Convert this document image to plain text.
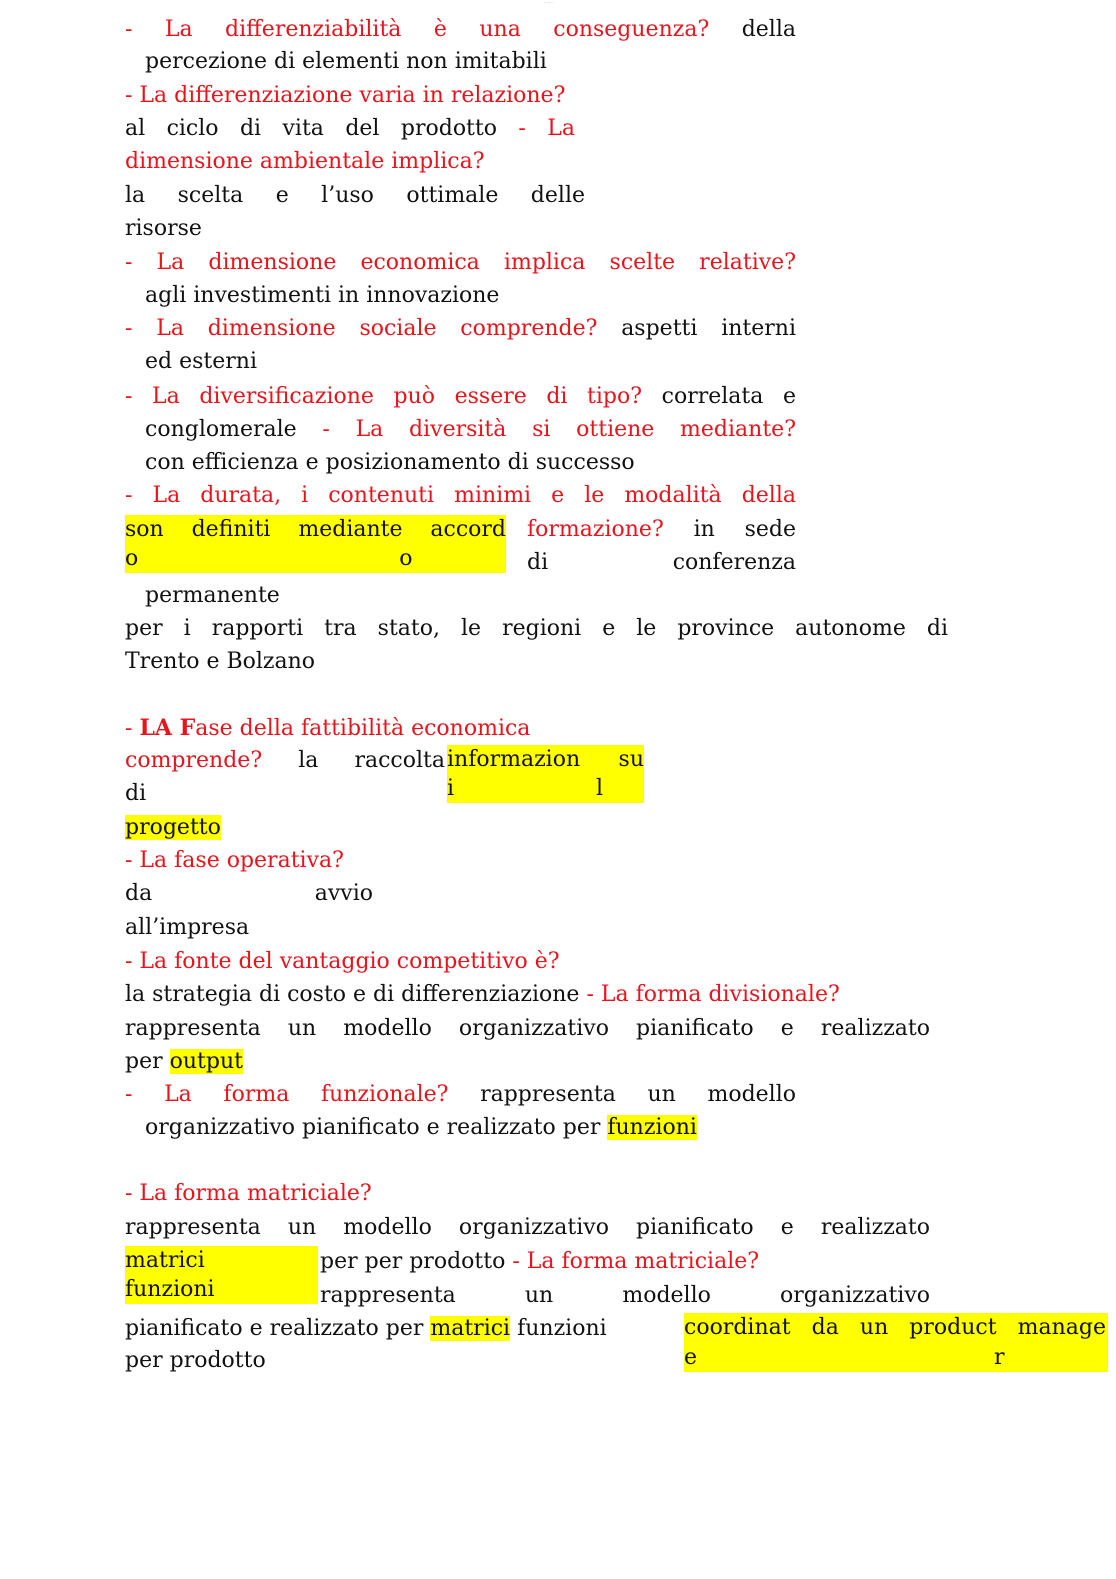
·······
- La differenziabilità è una conseguenza? della
percezione di elementi non imitabili
- La differenziazione varia in relazione?
al ciclo di vita del prodotto - La
dimensione ambientale implica?
la scelta e l’uso ottimale delle
risorse
- La dimensione economica implica scelte relative?
agli investimenti in innovazione
- La dimensione sociale comprende? aspetti interni
ed esterni
- La diversificazione può essere di tipo? correlata e
conglomerale - La diversità si ottiene mediante?
con efficienza e posizionamento di successo
- La durata, i contenuti minimi e le modalità della
son definiti mediante accord
o o
formazione? in sede
di conferenza
permanente
per i rapporti tra stato, le regioni e le province autonome di
Trento e Bolzano
- LA Fase della fattibilità economica
comprende? la raccolta informazion su
i l
di
progetto
- La fase operativa?
da avvio
all’impresa
- La fonte del vantaggio competitivo è?
la strategia di costo e di differenziazione - La forma divisionale?
rappresenta un modello organizzativo pianificato e realizzato
per output
- La forma funzionale? rappresenta un modello
organizzativo pianificato e realizzato per funzioni
- La forma matriciale?
rappresenta un modello organizzativo pianificato e realizzato
matrici
funzioni
per per prodotto - La forma matriciale?
rappresenta un modello organizzativo
pianificato e realizzato per matrici funzioni	coordinat da un product manage
e r
per prodotto
